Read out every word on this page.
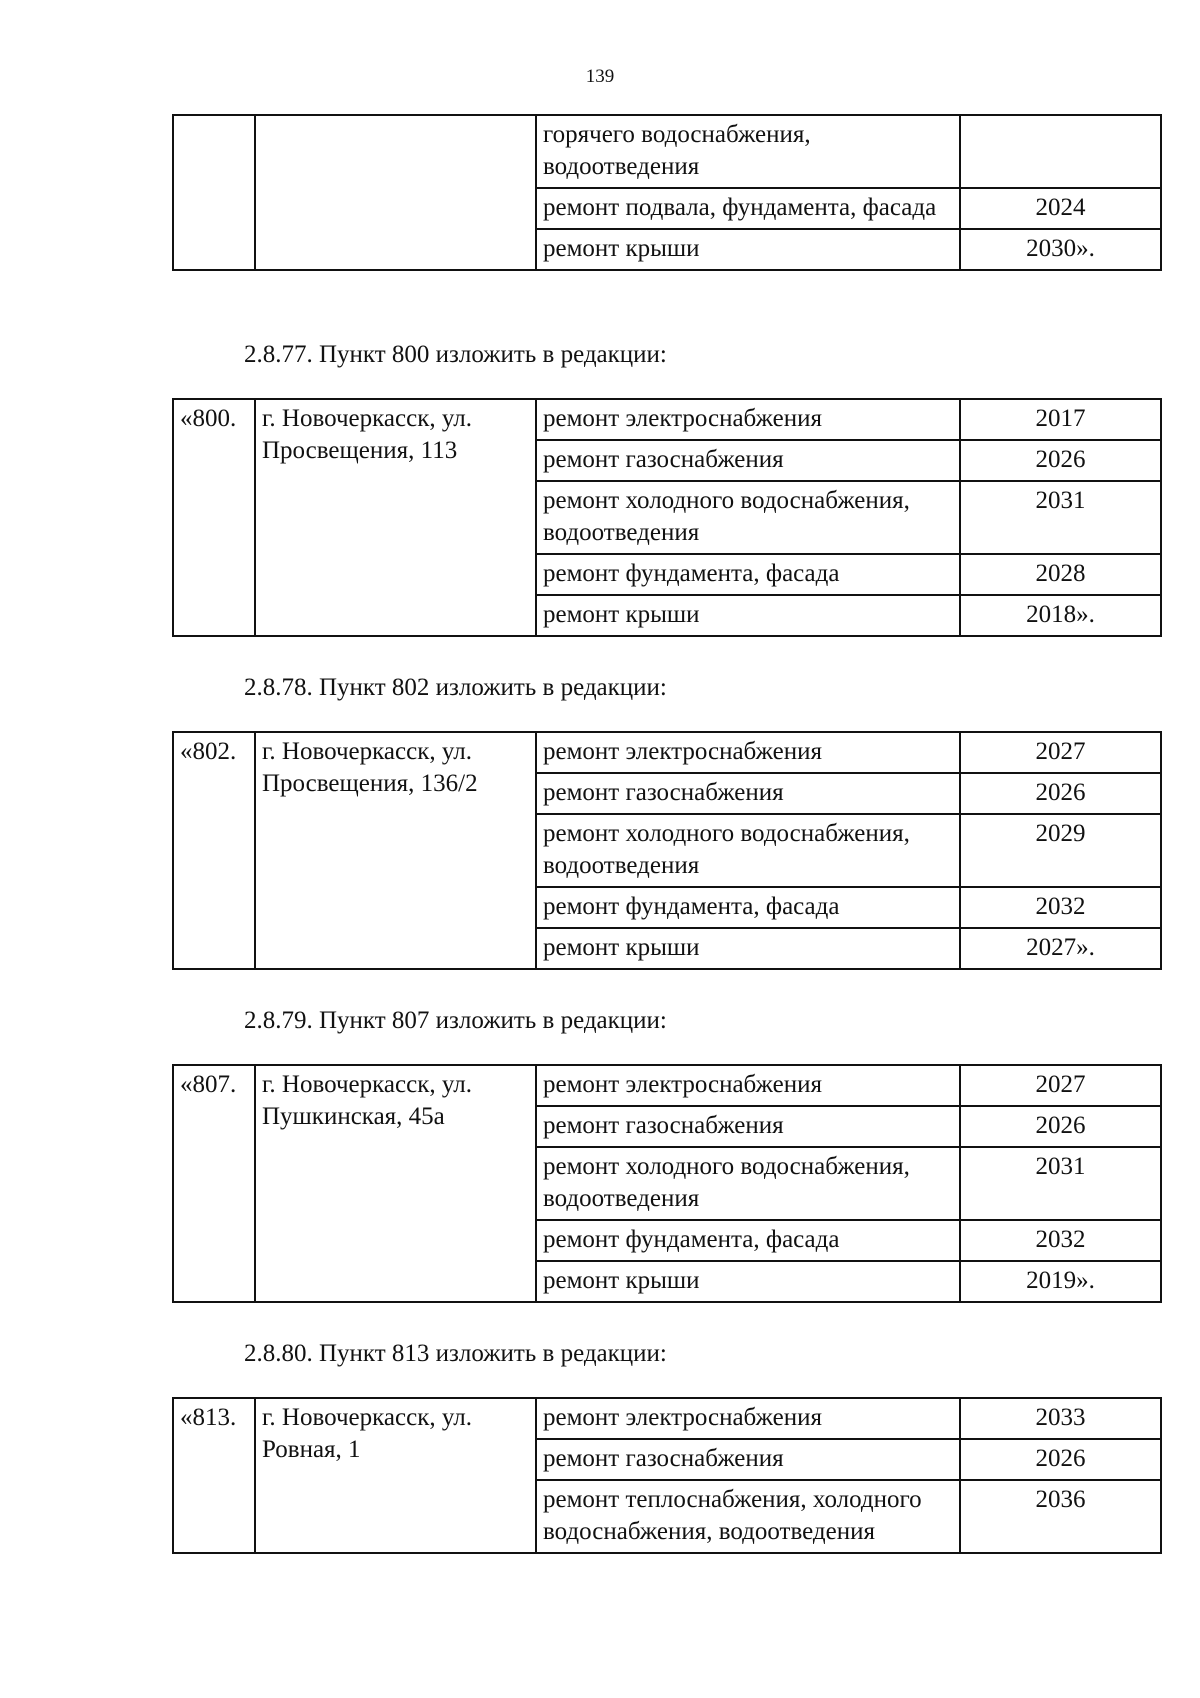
139
		горячего водоснабжения, водоотведения	
		ремонт подвала, фундамента, фасада	2024
		ремонт крыши	2030».
2.8.77. Пункт 800 изложить в редакции:
«800.	г. Новочеркасск, ул. Просвещения, 113	ремонт электроснабжения	2017
		ремонт газоснабжения	2026
		ремонт холодного водоснабжения, водоотведения	2031
		ремонт фундамента, фасада	2028
		ремонт крыши	2018».
2.8.78. Пункт 802 изложить в редакции:
«802.	г. Новочеркасск, ул. Просвещения, 136/2	ремонт электроснабжения	2027
		ремонт газоснабжения	2026
		ремонт холодного водоснабжения, водоотведения	2029
		ремонт фундамента, фасада	2032
		ремонт крыши	2027».
2.8.79. Пункт 807 изложить в редакции:
«807.	г. Новочеркасск, ул. Пушкинская, 45а	ремонт электроснабжения	2027
		ремонт газоснабжения	2026
		ремонт холодного водоснабжения, водоотведения	2031
		ремонт фундамента, фасада	2032
		ремонт крыши	2019».
2.8.80. Пункт 813 изложить в редакции:
«813.	г. Новочеркасск, ул. Ровная, 1	ремонт электроснабжения	2033
		ремонт газоснабжения	2026
		ремонт теплоснабжения, холодного водоснабжения, водоотведения	2036
